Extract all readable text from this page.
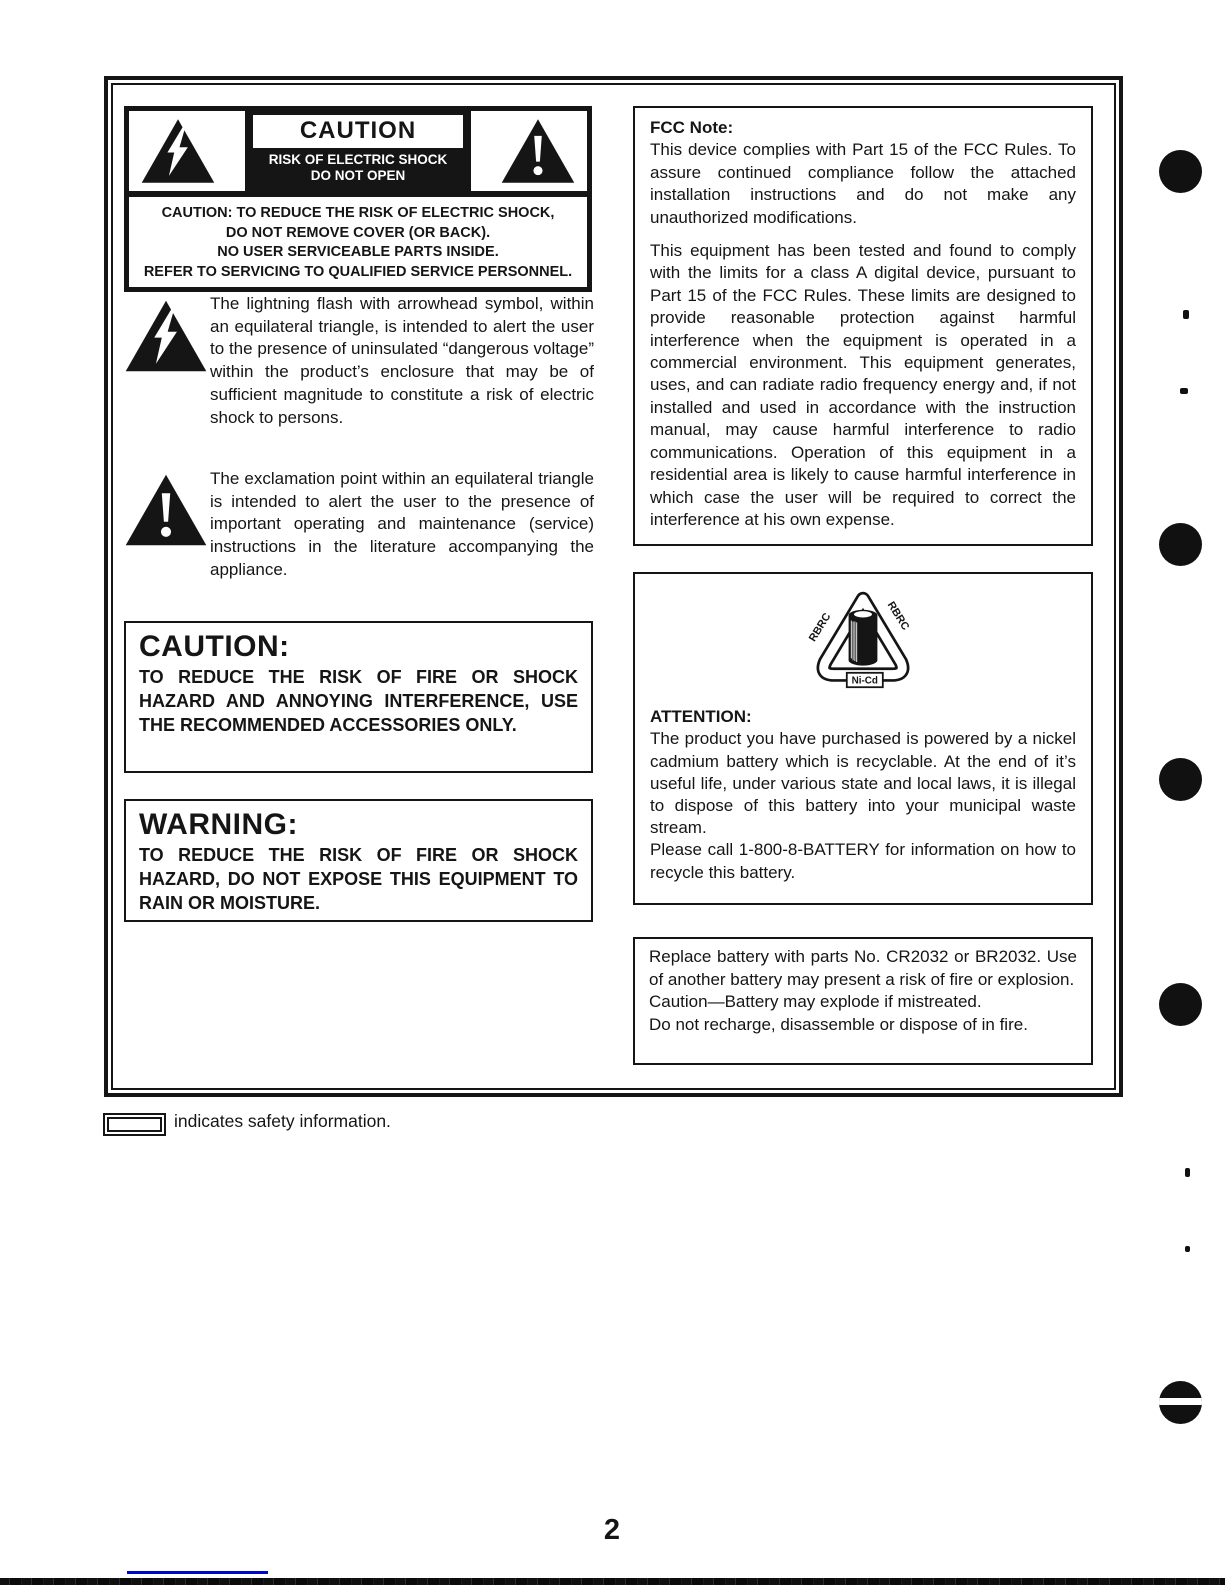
CAUTION
RISK OF ELECTRIC SHOCK
DO NOT OPEN
CAUTION: TO REDUCE THE RISK OF ELECTRIC SHOCK,
DO NOT REMOVE COVER (OR BACK).
NO USER SERVICEABLE PARTS INSIDE.
REFER TO SERVICING TO QUALIFIED SERVICE PERSONNEL.
The lightning flash with arrowhead symbol, within an equilateral triangle, is intended to alert the user to the presence of uninsulated “dangerous voltage” within the product’s enclosure that may be of sufficient magnitude to constitute a risk of electric shock to persons.
The exclamation point within an equilateral triangle is intended to alert the user to the presence of important operating and maintenance (service) instructions in the literature accompanying the appliance.
CAUTION:
TO REDUCE THE RISK OF FIRE OR SHOCK HAZARD AND ANNOYING INTERFERENCE, USE THE RECOMMENDED ACCESSORIES ONLY.
WARNING:
TO REDUCE THE RISK OF FIRE OR SHOCK HAZARD, DO NOT EXPOSE THIS EQUIPMENT TO RAIN OR MOISTURE.
FCC Note:
This device complies with Part 15 of the FCC Rules. To assure continued compliance follow the attached installation instructions and do not make any unauthorized modifications.
This equipment has been tested and found to comply with the limits for a class A digital device, pursuant to Part 15 of the FCC Rules. These limits are designed to provide reasonable protection against harmful interference when the equipment is operated in a commercial environment. This equipment generates, uses, and can radiate radio frequency energy and, if not installed and used in accordance with the instruction manual, may cause harmful interference to radio communications. Operation of this equipment in a residential area is likely to cause harmful interference in which case the user will be required to correct the interference at his own expense.
RBRC	RBRC
Ni-Cd
ATTENTION:
The product you have purchased is powered by a nickel cadmium battery which is recyclable. At the end of it’s useful life, under various state and local laws, it is illegal to dispose of this battery into your municipal waste stream.
Please call 1-800-8-BATTERY for information on how to recycle this battery.
Replace battery with parts No. CR2032 or BR2032. Use of another battery may present a risk of fire or explosion.
Caution—Battery may explode if mistreated.
Do not recharge, disassemble or dispose of in fire.
indicates safety information.
2
